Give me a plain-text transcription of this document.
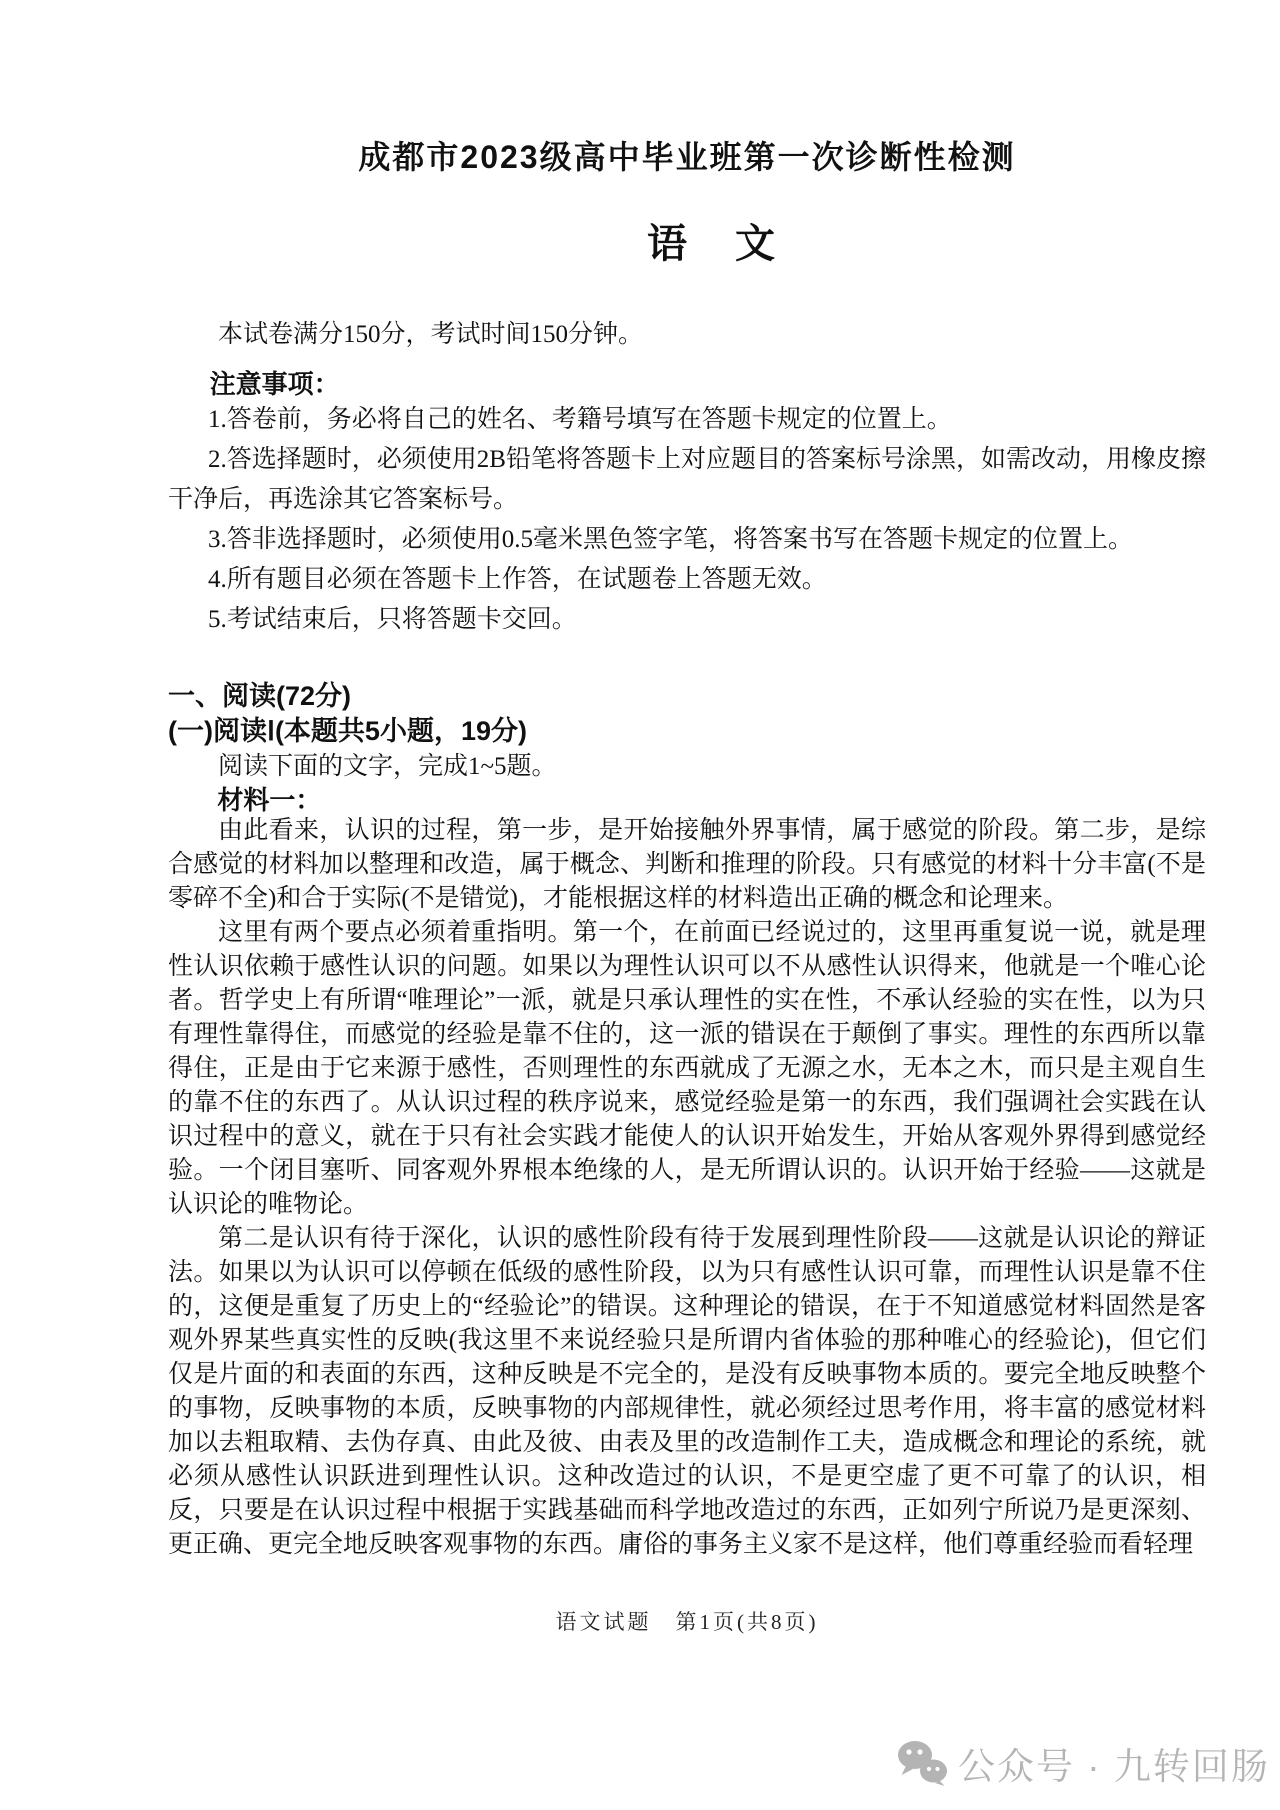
成都市2023级高中毕业班第一次诊断性检测
语文
本试卷满分150分，考试时间150分钟。
注意事项：

1.答卷前，务必将自己的姓名、考籍号填写在答题卡规定的位置上。

2.答选择题时，必须使用2B铅笔将答题卡上对应题目的答案标号涂黑，如需改动，用橡皮擦干净后，再选涂其它答案标号。

3.答非选择题时，必须使用0.5毫米黑色签字笔，将答案书写在答题卡规定的位置上。

4.所有题目必须在答题卡上作答，在试题卷上答题无效。

5.考试结束后，只将答题卡交回。

一、阅读(72分)
(一)阅读Ⅰ(本题共5小题，19分)
阅读下面的文字，完成1~5题。
材料一：

由此看来，认识的过程，第一步，是开始接触外界事情，属于感觉的阶段。第二步，是综合感觉的材料加以整理和改造，属于概念、判断和推理的阶段。只有感觉的材料十分丰富(不是零碎不全)和合于实际(不是错觉)，才能根据这样的材料造出正确的概念和论理来。

这里有两个要点必须着重指明。第一个，在前面已经说过的，这里再重复说一说，就是理性认识依赖于感性认识的问题。如果以为理性认识可以不从感性认识得来，他就是一个唯心论者。哲学史上有所谓“唯理论”一派，就是只承认理性的实在性，不承认经验的实在性，以为只有理性靠得住，而感觉的经验是靠不住的，这一派的错误在于颠倒了事实。理性的东西所以靠得住，正是由于它来源于感性，否则理性的东西就成了无源之水，无本之木，而只是主观自生的靠不住的东西了。从认识过程的秩序说来，感觉经验是第一的东西，我们强调社会实践在认识过程中的意义，就在于只有社会实践才能使人的认识开始发生，开始从客观外界得到感觉经验。一个闭目塞听、同客观外界根本绝缘的人，是无所谓认识的。认识开始于经验——这就是认识论的唯物论。

第二是认识有待于深化，认识的感性阶段有待于发展到理性阶段——这就是认识论的辩证法。如果以为认识可以停顿在低级的感性阶段，以为只有感性认识可靠，而理性认识是靠不住的，这便是重复了历史上的“经验论”的错误。这种理论的错误，在于不知道感觉材料固然是客观外界某些真实性的反映(我这里不来说经验只是所谓内省体验的那种唯心的经验论)，但它们仅是片面的和表面的东西，这种反映是不完全的，是没有反映事物本质的。要完全地反映整个的事物，反映事物的本质，反映事物的内部规律性，就必须经过思考作用，将丰富的感觉材料加以去粗取精、去伪存真、由此及彼、由表及里的改造制作工夫，造成概念和理论的系统，就必须从感性认识跃进到理性认识。这种改造过的认识，不是更空虚了更不可靠了的认识，相反，只要是在认识过程中根据于实践基础而科学地改造过的东西，正如列宁所说乃是更深刻、更正确、更完全地反映客观事物的东西。庸俗的事务主义家不是这样，他们尊重经验而看轻理

语文试题　第1页(共8页)
公众号 · 九转回肠
